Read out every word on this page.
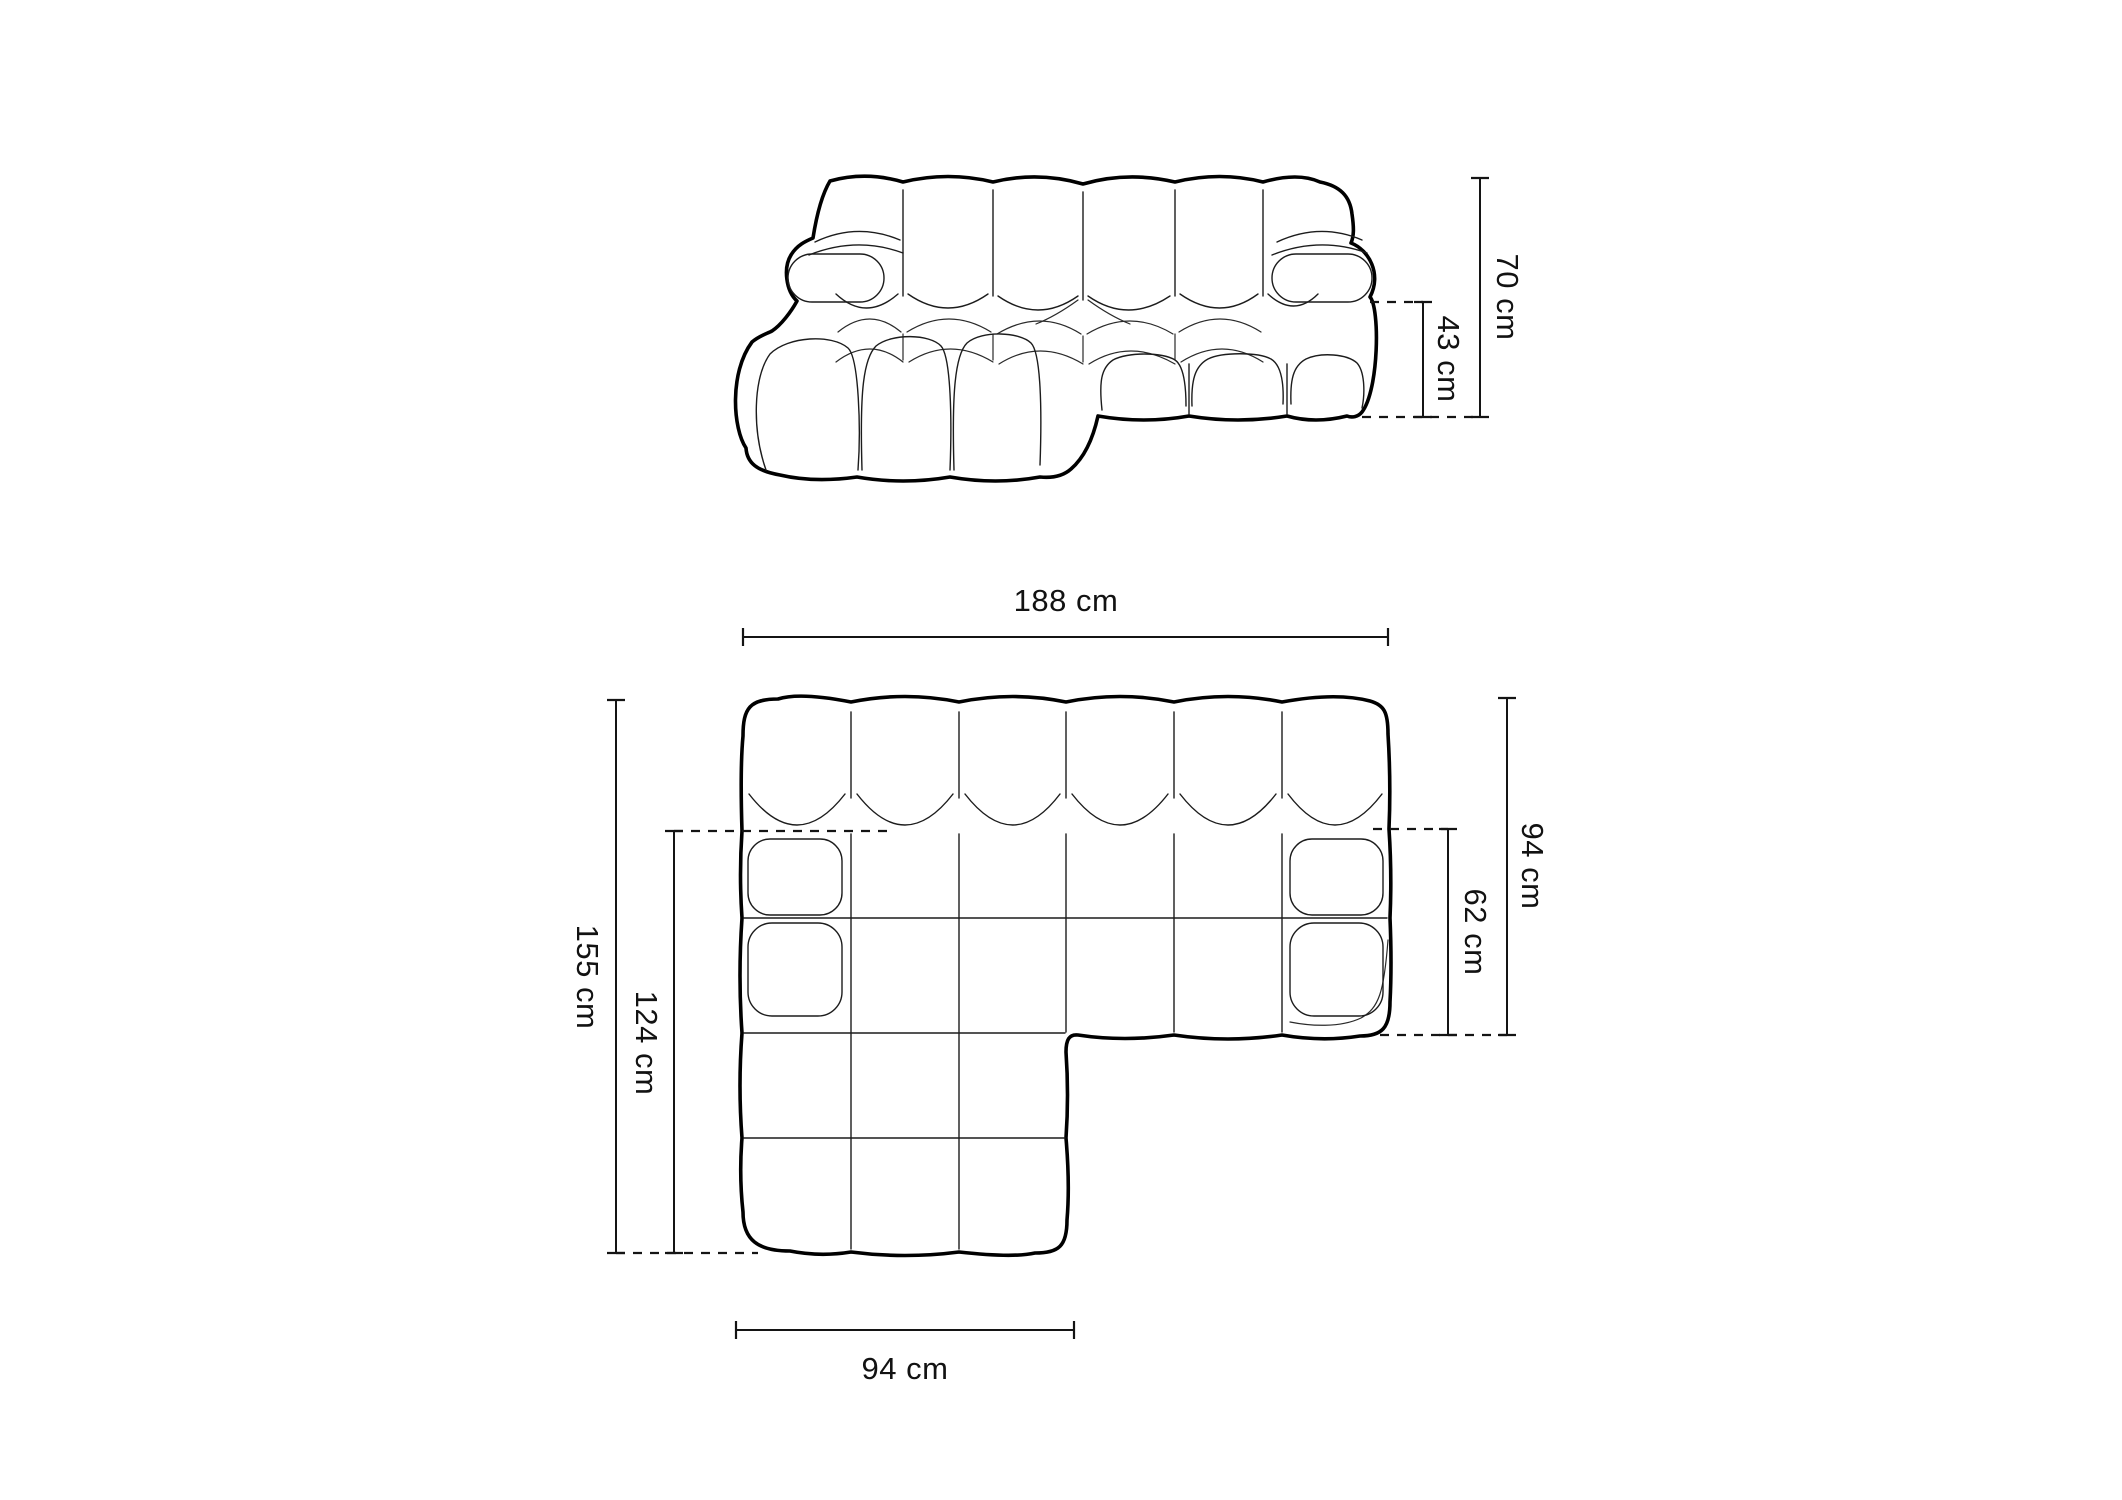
70 cm
43 cm
188 cm
155 cm
124 cm
94 cm
62 cm
94 cm
